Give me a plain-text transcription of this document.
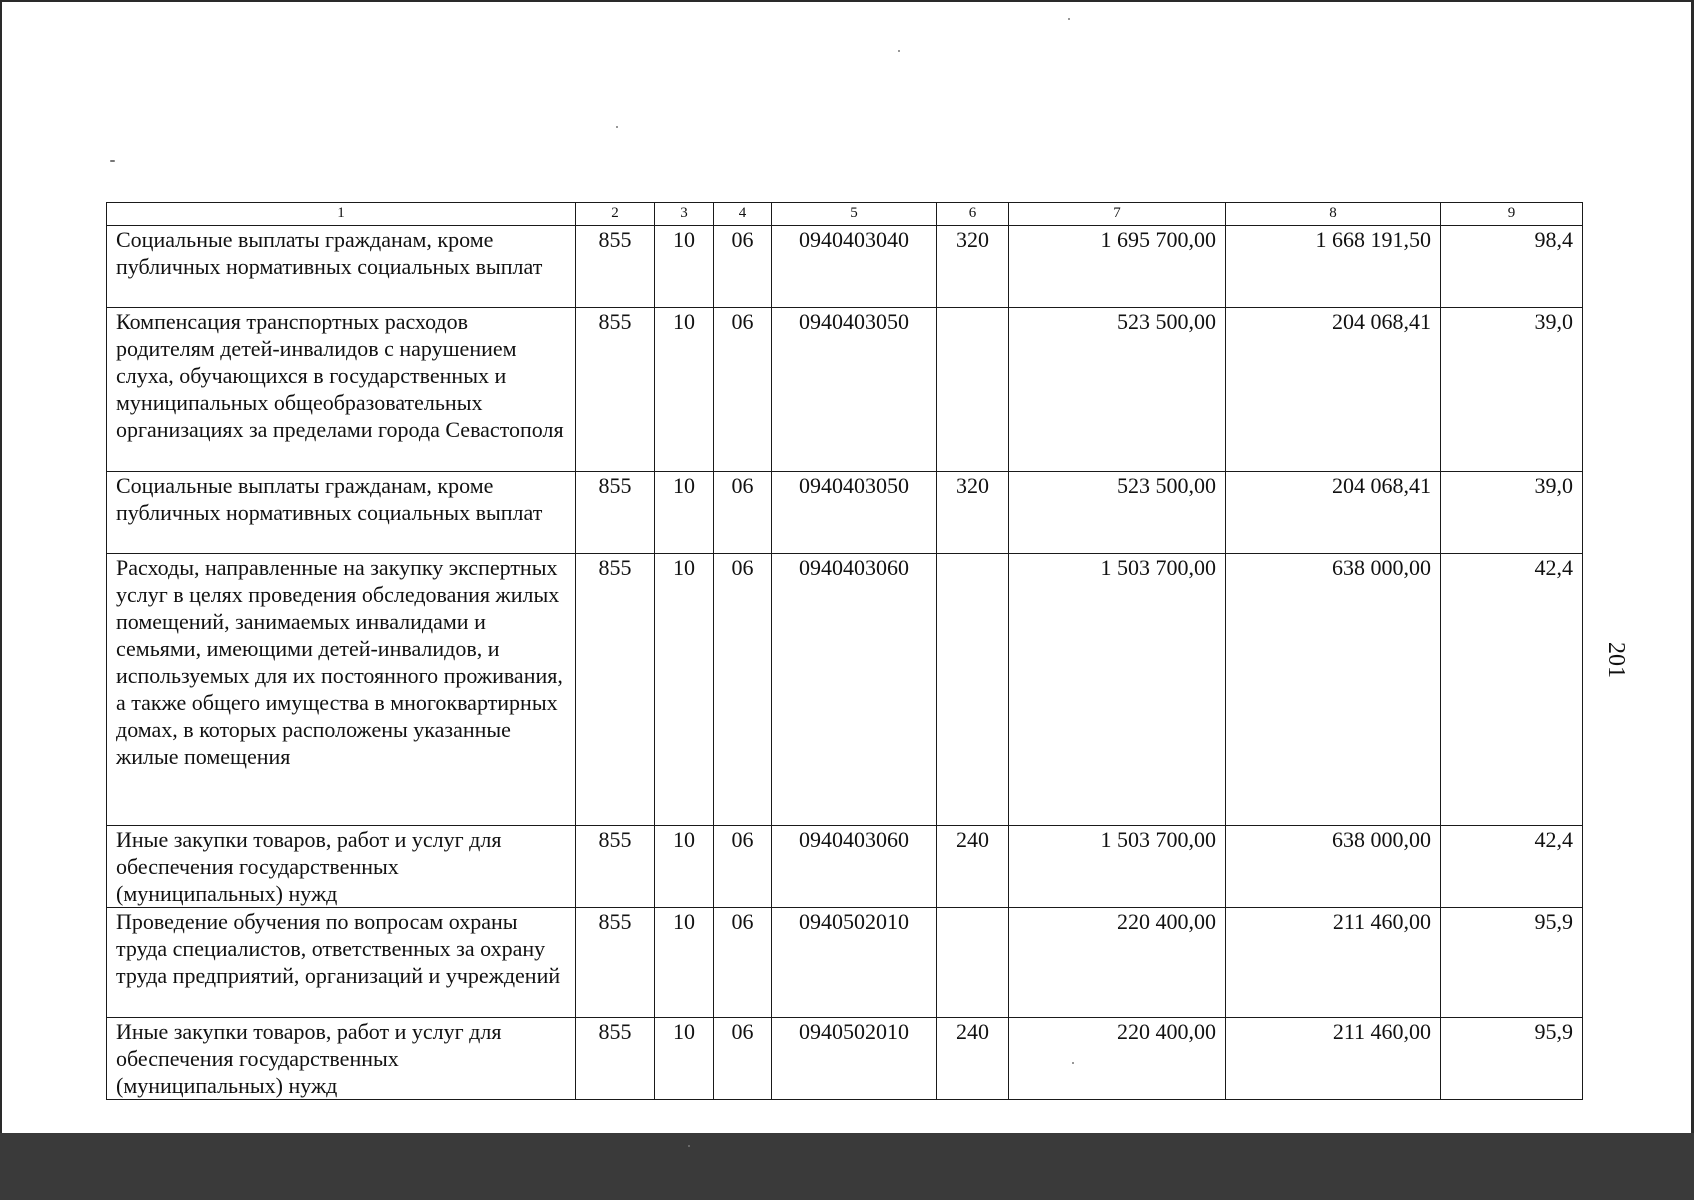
1	2	3	4	5	6	7	8	9
Социальные выплаты гражданам, кроме публичных нормативных социальных выплат	855	10	06	0940403040	320	1 695 700,00	1 668 191,50	98,4
Компенсация транспортных расходов родителям детей-инвалидов с нарушением слуха, обучающихся в государственных и муниципальных общеобразовательных организациях за пределами города Севастополя	855	10	06	0940403050		523 500,00	204 068,41	39,0
Социальные выплаты гражданам, кроме публичных нормативных социальных выплат	855	10	06	0940403050	320	523 500,00	204 068,41	39,0
Расходы, направленные на закупку экспертных услуг в целях проведения обследования жилых помещений, занимаемых инвалидами и семьями, имеющими детей-инвалидов, и используемых для их постоянного проживания, а также общего имущества в многоквартирных домах, в которых расположены указанные жилые помещения	855	10	06	0940403060		1 503 700,00	638 000,00	42,4
Иные закупки товаров, работ и услуг для обеспечения государственных (муниципальных) нужд	855	10	06	0940403060	240	1 503 700,00	638 000,00	42,4
Проведение обучения по вопросам охраны труда специалистов, ответственных за охрану труда предприятий, организаций и учреждений	855	10	06	0940502010		220 400,00	211 460,00	95,9
Иные закупки товаров, работ и услуг для обеспечения государственных (муниципальных) нужд	855	10	06	0940502010	240	220 400,00	211 460,00	95,9
201
